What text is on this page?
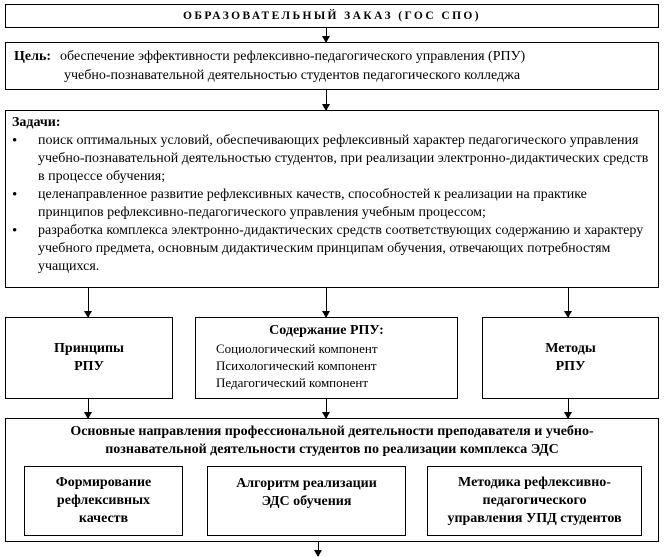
ОБРАЗОВАТЕЛЬНЫЙ ЗАКАЗ (ГОС СПО)
Цель: обеспечение эффективности рефлексивно-педагогического управления (РПУ)
учебно-познавательной деятельностью студентов педагогического колледжа
Задачи:
• поиск оптимальных условий, обеспечивающих рефлексивный характер педагогического управления учебно-познавательной деятельностью студентов, при реализации электронно-дидактических средств в процессе обучения;
• целенаправленное развитие рефлексивных качеств, способностей к реализации на практике принципов рефлексивно-педагогического управления учебным процессом;
• разработка комплекса электронно-дидактических средств соответствующих содержанию и характеру учебного предмета, основным дидактическим принципам обучения, отвечающих потребностям учащихся.
Принципы
РПУ
Содержание РПУ:
Социологический компонент
Психологический компонент
Педагогический компонент
Методы
РПУ
Основные направления профессиональной деятельности преподавателя и учебно-
познавательной деятельности студентов по реализации комплекса ЭДС
Формирование
рефлексивных
качеств
Алгоритм реализации
ЭДС обучения
Методика рефлексивно-
педагогического
управления УПД студентов
